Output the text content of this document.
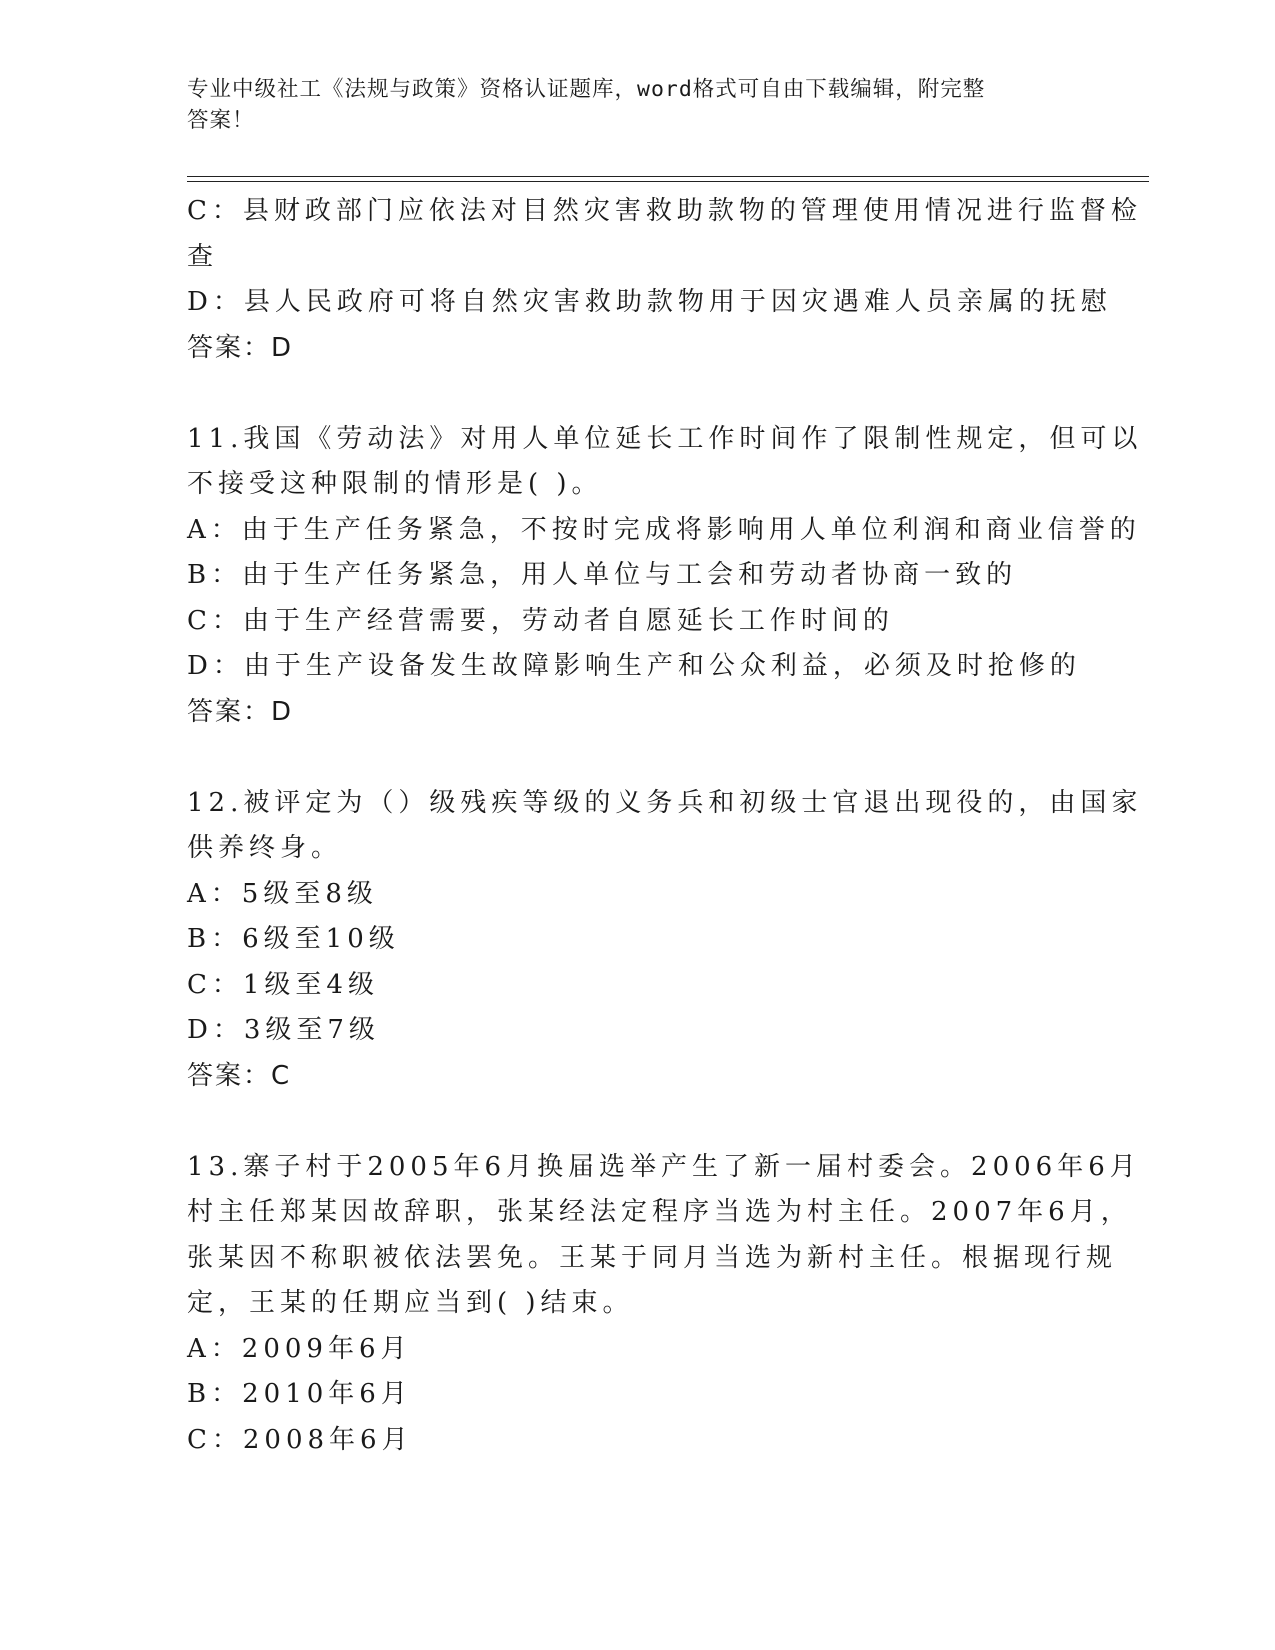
专业中级社工《法规与政策》资格认证题库，word格式可自由下载编辑，附完整
答案！
C：县财政部门应依法对目然灾害救助款物的管理使用情况进行监督检
查
D：县人民政府可将自然灾害救助款物用于因灾遇难人员亲属的抚慰
答案：D
11.我国《劳动法》对用人单位延长工作时间作了限制性规定，但可以
不接受这种限制的情形是( )。
A：由于生产任务紧急，不按时完成将影响用人单位利润和商业信誉的
B：由于生产任务紧急，用人单位与工会和劳动者协商一致的
C：由于生产经营需要，劳动者自愿延长工作时间的
D：由于生产设备发生故障影响生产和公众利益，必须及时抢修的
答案：D
12.被评定为（）级残疾等级的义务兵和初级士官退出现役的，由国家
供养终身。
A：5级至8级
B：6级至10级
C：1级至4级
D：3级至7级
答案：C
13.寨子村于2005年6月换届选举产生了新一届村委会。2006年6月
村主任郑某因故辞职，张某经法定程序当选为村主任。2007年6月，
张某因不称职被依法罢免。王某于同月当选为新村主任。根据现行规
定，王某的任期应当到( )结束。
A：2009年6月
B：2010年6月
C：2008年6月
